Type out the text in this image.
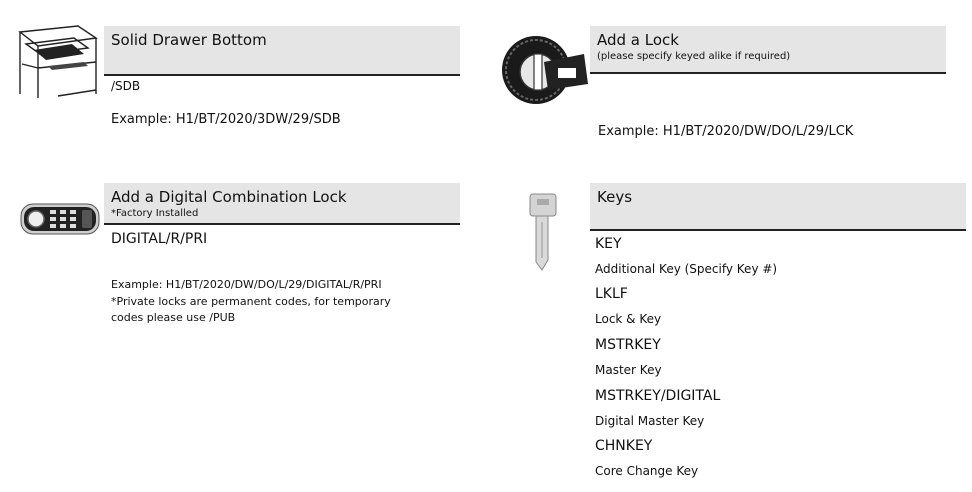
Solid Drawer Bottom
/SDB
Example: H1/BT/2020/3DW/29/SDB
Add a Lock
(please specify keyed alike if required)
Example: H1/BT/2020/DW/DO/L/29/LCK
Add a Digital Combination Lock
*Factory Installed
DIGITAL/R/PRI
Example: H1/BT/2020/DW/DO/L/29/DIGITAL/R/PRI
*Private locks are permanent codes, for temporary
codes please use /PUB
Keys
KEY
Additional Key (Specify Key #)
LKLF
Lock & Key
MSTRKEY
Master Key
MSTRKEY/DIGITAL
Digital Master Key
CHNKEY
Core Change Key
